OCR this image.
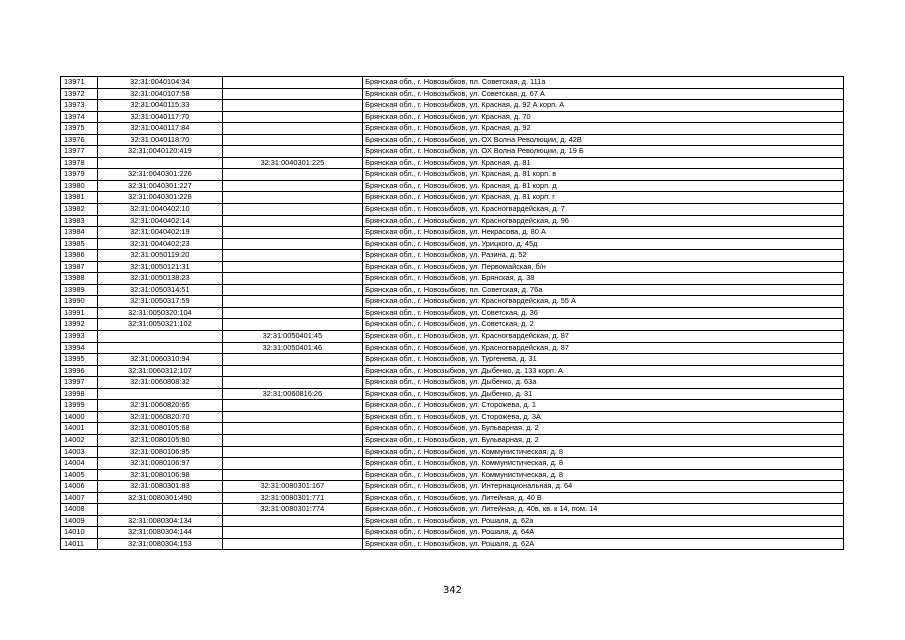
13971	32:31:0040104:34		Брянская обл., г. Новозыбков, пл. Советская, д. 111а
13972	32:31:0040107:58		Брянская обл., г. Новозыбков, ул. Советская, д. 67 А
13973	32:31:0040115:33		Брянская обл., г. Новозыбков, ул. Красная, д. 92 А корп. А
13974	32:31:0040117:70		Брянская обл., г. Новозыбков, ул. Красная, д. 70
13975	32:31:0040117:84		Брянская обл., г. Новозыбков, ул. Красная, д. 92
13976	32:31:0040118:70		Брянская обл., г. Новозыбков, ул. ОХ Волна Революции, д. 42В
13977	32:31:0040120:419		Брянская обл., г. Новозыбков, ул. ОХ Волна Революции, д. 19 Б
13978		32:31:0040301:225	Брянская обл., г. Новозыбков, ул. Красная, д. 81
13979	32:31:0040301:226		Брянская обл., г. Новозыбков, ул. Красная, д. 81 корп. в
13980	32:31:0040301:227		Брянская обл., г. Новозыбков, ул. Красная, д. 81 корп. д
13981	32:31:0040301:228		Брянская обл., г. Новозыбков, ул. Красная, д. 81 корп. г
13982	32:31:0040402:10		Брянская обл., г. Новозыбков, ул. Красногвардейская, д. 7
13983	32:31:0040402:14		Брянская обл., г. Новозыбков, ул. Красногвардейская, д. 96
13984	32:31:0040402:19		Брянская обл., г. Новозыбков, ул. Некрасова, д. 80 А
13985	32:31:0040402:23		Брянская обл., г. Новозыбков, ул. Урицкого, д. 45д
13986	32:31:0050119:20		Брянская обл., г. Новозыбков, ул. Разина, д. 52
13987	32:31:0050121:31		Брянская обл., г. Новозыбков, ул. Первомайская, б/н
13988	32:31:0050138:23		Брянская обл., г. Новозыбков, ул. Брянская, д. 38
13989	32:31:0050314:51		Брянская обл., г. Новозыбков, пл. Советская, д. 76а
13990	32:31:0050317:59		Брянская обл., г. Новозыбков, ул. Красногвардейская, д. 55 А
13991	32:31:0050320:104		Брянская обл., г. Новозыбков, ул. Советская, д. 36
13992	32:31:0050321:102		Брянская обл., г. Новозыбков, ул. Советская, д. 2
13993		32:31:0050401:45	Брянская обл., г. Новозыбков, ул. Красногвардейская, д. 87
13994		32:31:0050401:46	Брянская обл., г. Новозыбков, ул. Красногвардейская, д. 87
13995	32:31:0060310:94		Брянская обл., г. Новозыбков, ул. Тургенева, д. 31
13996	32:31:0060312:107		Брянская обл., г. Новозыбков, ул. Дыбенко, д. 133 корп. А
13997	32:31:0060808:32		Брянская обл., г. Новозыбков, ул. Дыбенко, д. 63а
13998		32:31:0060816:26	Брянская обл., г. Новозыбков, ул. Дыбенко, д. 31
13999	32:31:0060820:65		Брянская обл., г. Новозыбков, ул. Сторожева, д. 1
14000	32:31:0060820:70		Брянская обл., г. Новозыбков, ул. Сторожева, д. 3А
14001	32:31:0080105:68		Брянская обл., г. Новозыбков, ул. Бульварная, д. 2
14002	32:31:0080105:80		Брянская обл., г. Новозыбков, ул. Бульварная, д. 2
14003	32:31:0080106:95		Брянская обл., г. Новозыбков, ул. Коммунистическая, д. 8
14004	32:31:0080106:97		Брянская обл., г. Новозыбков, ул. Коммунистическая, д. 8
14005	32:31:0080106:98		Брянская обл., г. Новозыбков, ул. Коммунистическая, д. 8
14006	32:31:0080301:83	32:31:0080301:167	Брянская обл., г. Новозыбков, ул. Интернациональная, д. 64
14007	32:31:0080301:490	32:31:0080301:771	Брянская обл., г. Новозыбков, ул. Литейная, д. 40 В
14008		32:31:0080301:774	Брянская обл., г. Новозыбков, ул. Литейная, д. 40в, кв. к 14, пом. 14
14009	32:31:0080304:134		Брянская обл., г. Новозыбков, ул. Рошаля, д. 62а
14010	32:31:0080304:144		Брянская обл., г. Новозыбков, ул. Рошаля, д. 64А
14011	32:31:0080304:153		Брянская обл., г. Новозыбков, ул. Рошаля, д. 62А
342
